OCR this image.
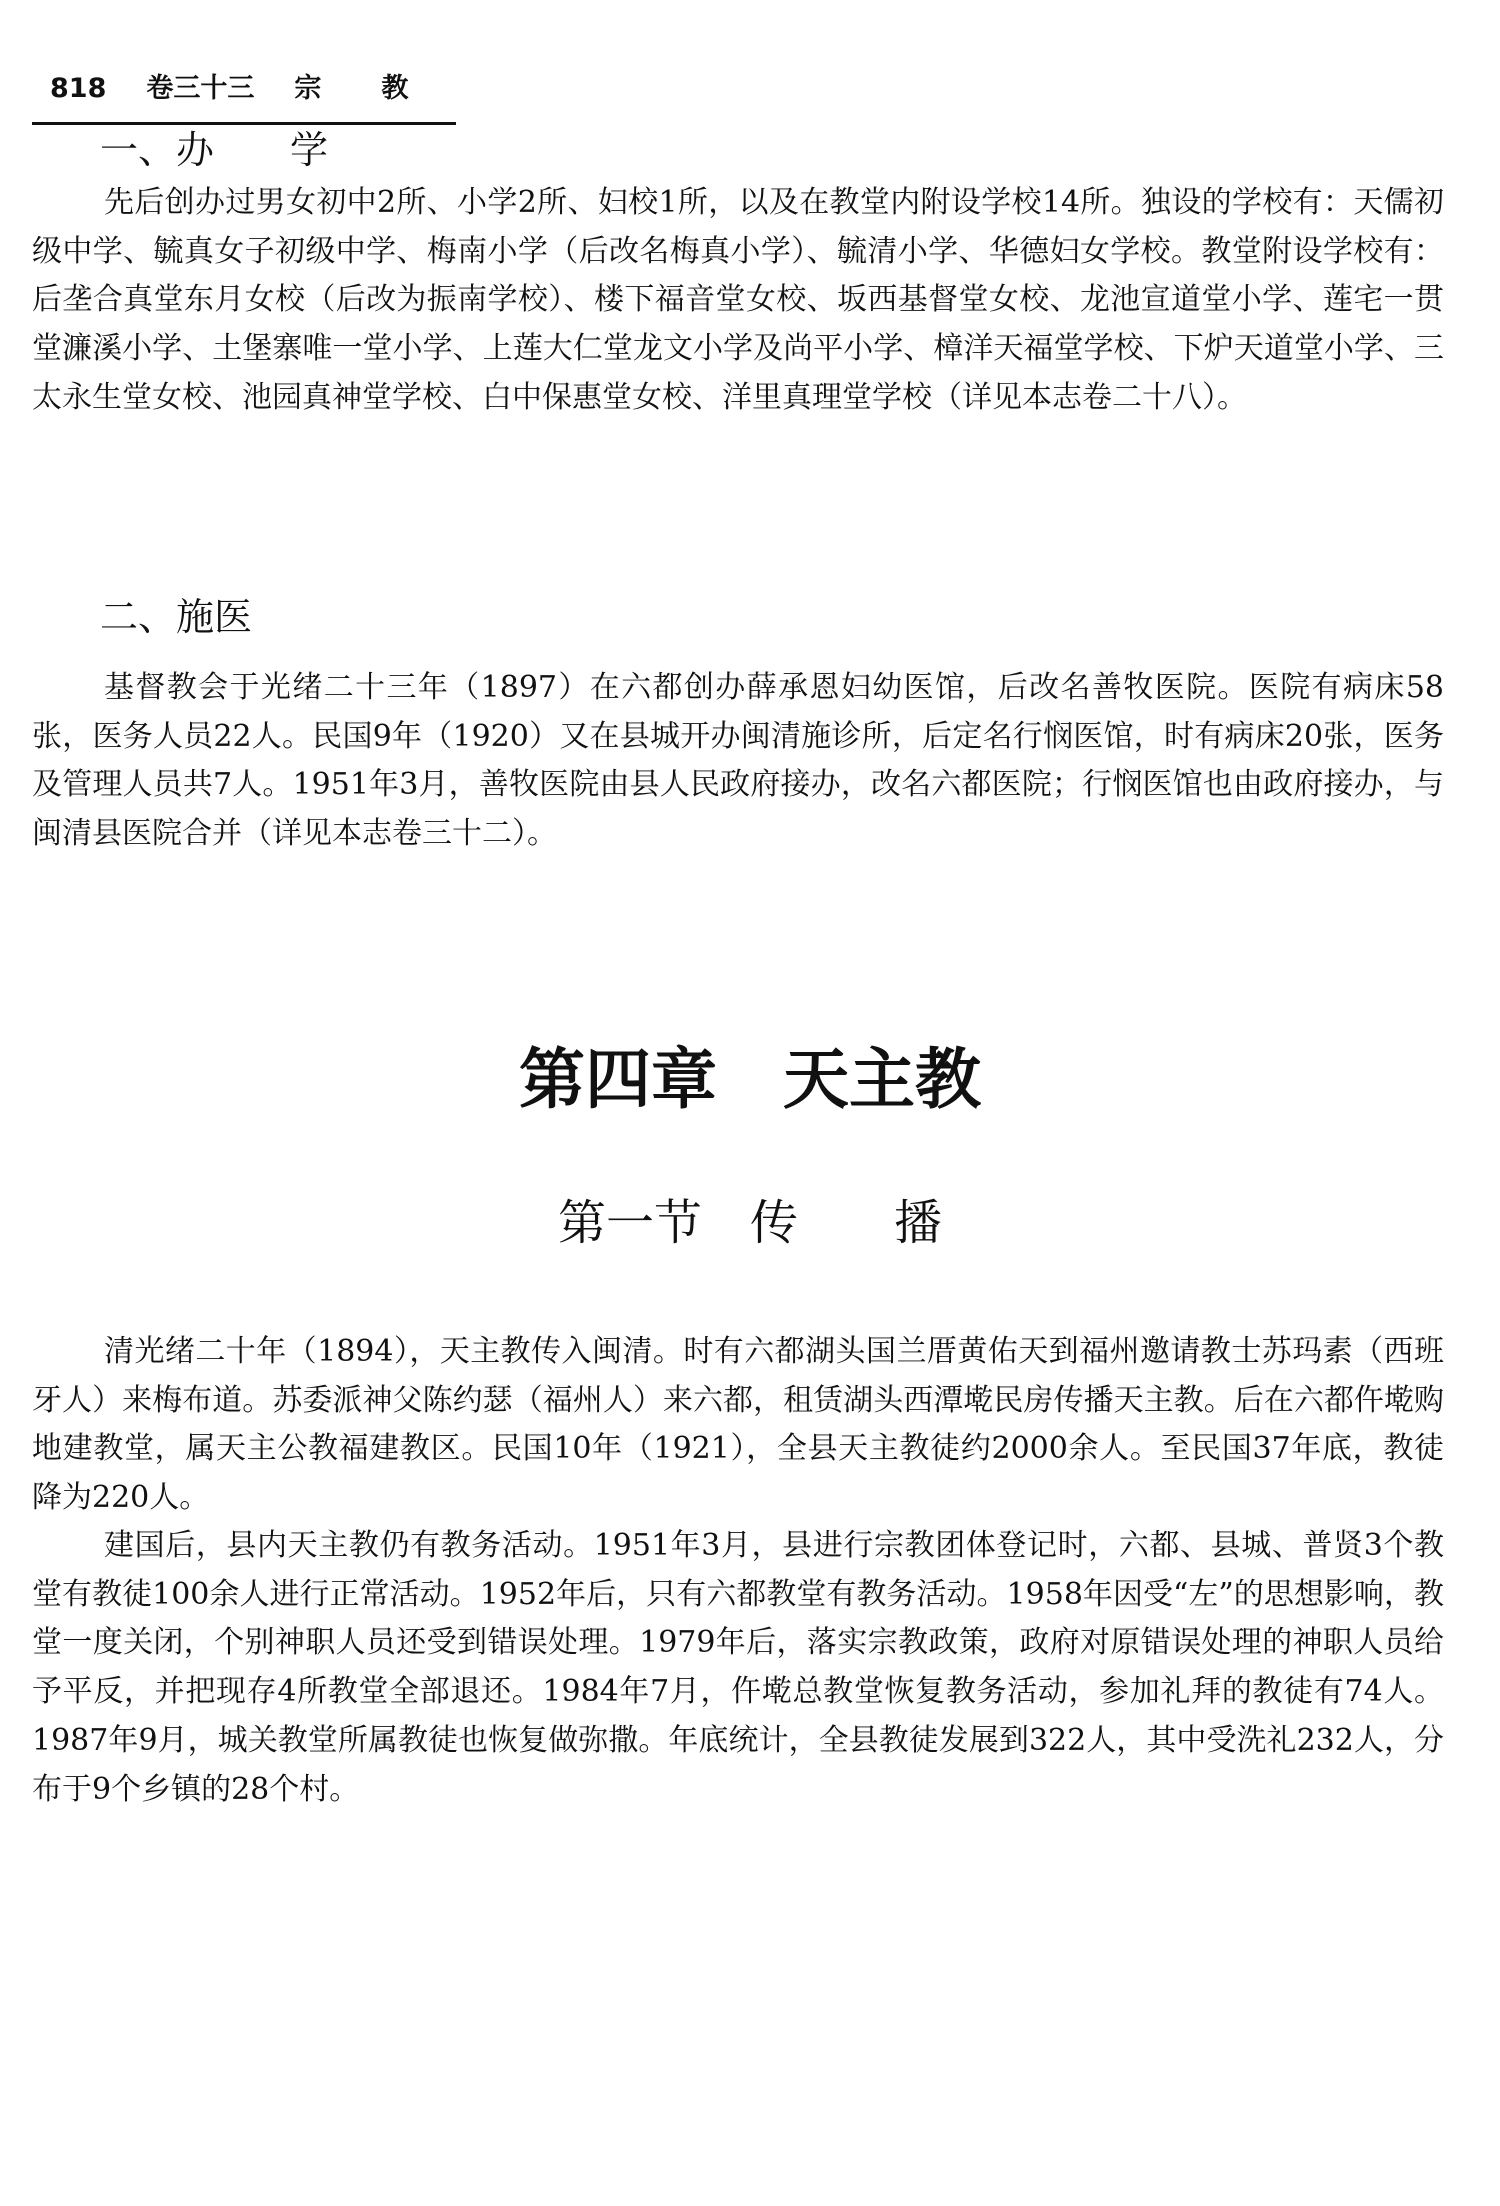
818 卷三十三 宗教
一、办　　学

先后创办过男女初中2所、小学2所、妇校1所，以及在教堂内附设学校14所。独设的学校有：天儒初级中学、毓真女子初级中学、梅南小学（后改名梅真小学）、毓清小学、华德妇女学校。教堂附设学校有：后垄合真堂东月女校（后改为振南学校）、楼下福音堂女校、坂西基督堂女校、龙池宣道堂小学、莲宅一贯堂濂溪小学、土堡寨唯一堂小学、上莲大仁堂龙文小学及尚平小学、樟洋天福堂学校、下炉天道堂小学、三太永生堂女校、池园真神堂学校、白中保惠堂女校、洋里真理堂学校（详见本志卷二十八）。

二、施医

基督教会于光绪二十三年（1897）在六都创办薛承恩妇幼医馆，后改名善牧医院。医院有病床58张，医务人员22人。民国9年（1920）又在县城开办闽清施诊所，后定名行悯医馆，时有病床20张，医务及管理人员共7人。1951年3月，善牧医院由县人民政府接办，改名六都医院；行悯医馆也由政府接办，与闽清县医院合并（详见本志卷三十二）。

第四章　天主教
第一节　传　　播

清光绪二十年（1894），天主教传入闽清。时有六都湖头国兰厝黄佑天到福州邀请教士苏玛素（西班牙人）来梅布道。苏委派神父陈约瑟（福州人）来六都，租赁湖头西潭墘民房传播天主教。后在六都仵墘购地建教堂，属天主公教福建教区。民国10年（1921），全县天主教徒约2000余人。至民国37年底，教徒降为220人。

建国后，县内天主教仍有教务活动。1951年3月，县进行宗教团体登记时，六都、县城、普贤3个教堂有教徒100余人进行正常活动。1952年后，只有六都教堂有教务活动。1958年因受“左”的思想影响，教堂一度关闭，个别神职人员还受到错误处理。1979年后，落实宗教政策，政府对原错误处理的神职人员给予平反，并把现存4所教堂全部退还。1984年7月，仵墘总教堂恢复教务活动，参加礼拜的教徒有74人。1987年9月，城关教堂所属教徒也恢复做弥撒。年底统计，全县教徒发展到322人，其中受洗礼232人，分布于9个乡镇的28个村。
